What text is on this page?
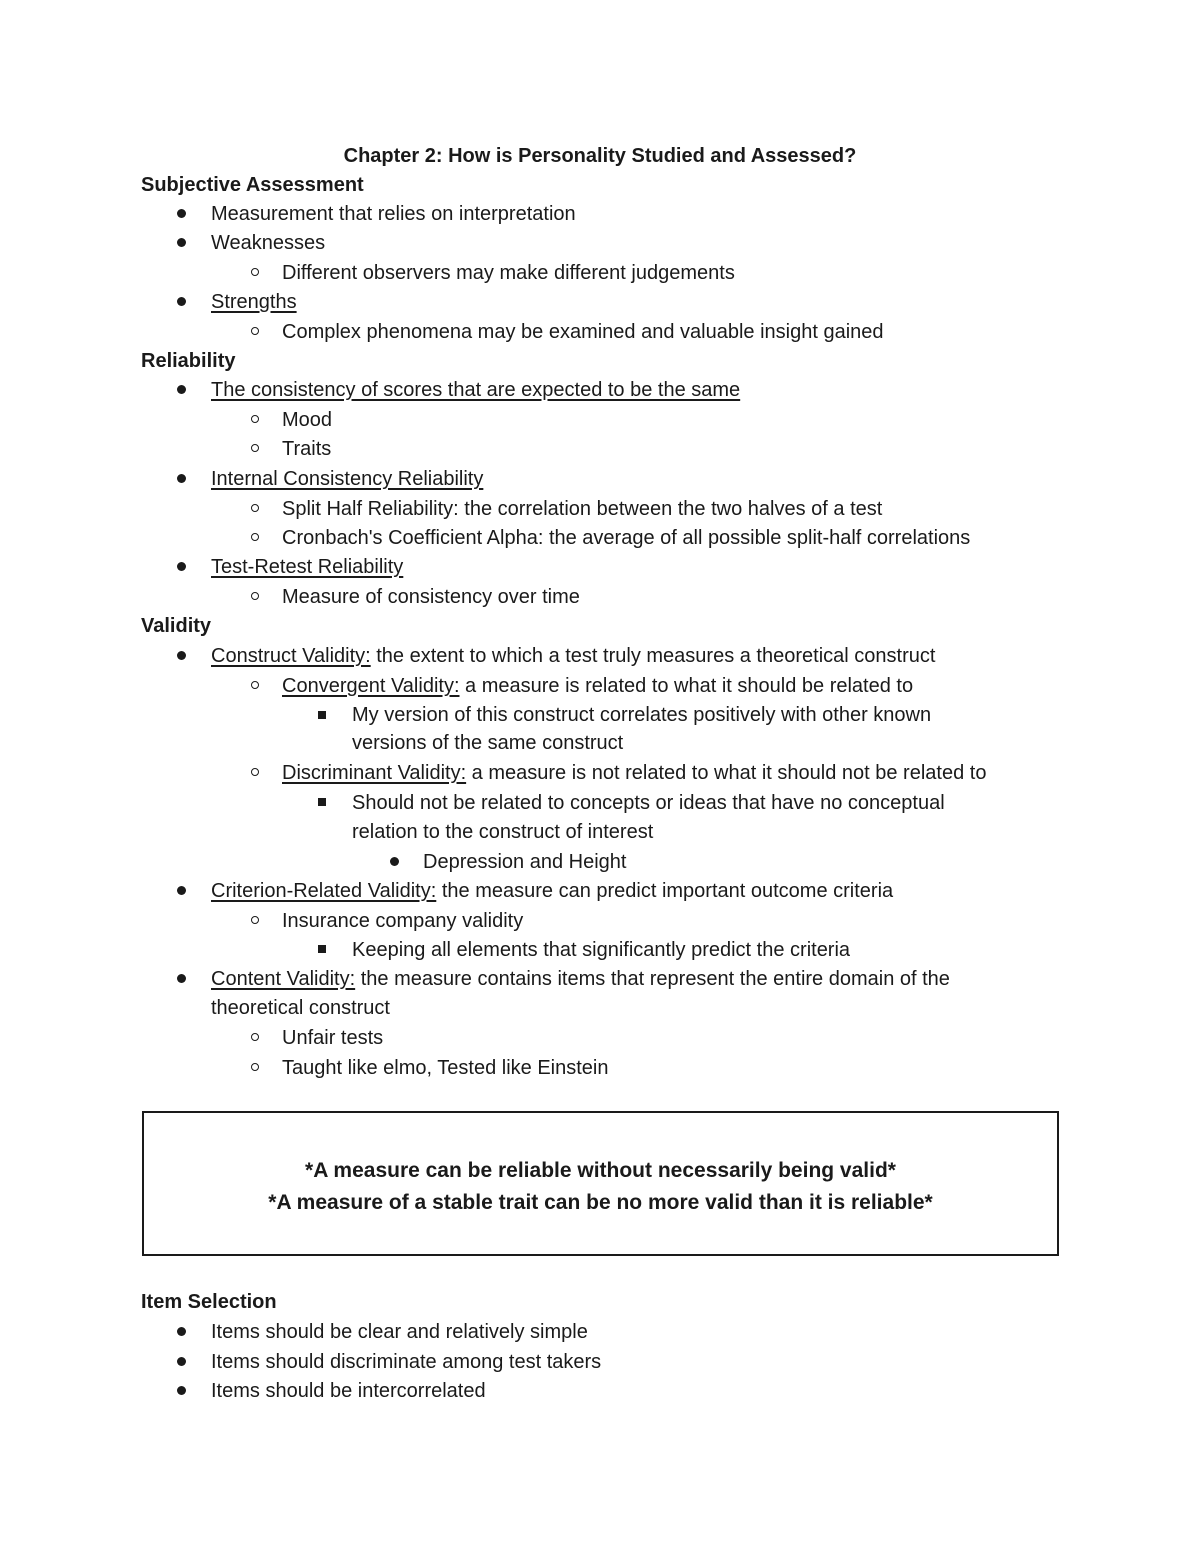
Chapter 2: How is Personality Studied and Assessed?
Subjective Assessment
Measurement that relies on interpretation
Weaknesses
Different observers may make different judgements
Strengths
Complex phenomena may be examined and valuable insight gained
Reliability
The consistency of scores that are expected to be the same
Mood
Traits
Internal Consistency Reliability
Split Half Reliability: the correlation between the two halves of a test
Cronbach's Coefficient Alpha: the average of all possible split-half correlations
Test-Retest Reliability
Measure of consistency over time
Validity
Construct Validity: the extent to which a test truly measures a theoretical construct
Convergent Validity: a measure is related to what it should be related to
My version of this construct correlates positively with other known
versions of the same construct
Discriminant Validity: a measure is not related to what it should not be related to
Should not be related to concepts or ideas that have no conceptual
relation to the construct of interest
Depression and Height
Criterion-Related Validity: the measure can predict important outcome criteria
Insurance company validity
Keeping all elements that significantly predict the criteria
Content Validity: the measure contains items that represent the entire domain of the
theoretical construct
Unfair tests
Taught like elmo, Tested like Einstein
*A measure can be reliable without necessarily being valid*
*A measure of a stable trait can be no more valid than it is reliable*
Item Selection
Items should be clear and relatively simple
Items should discriminate among test takers
Items should be intercorrelated
